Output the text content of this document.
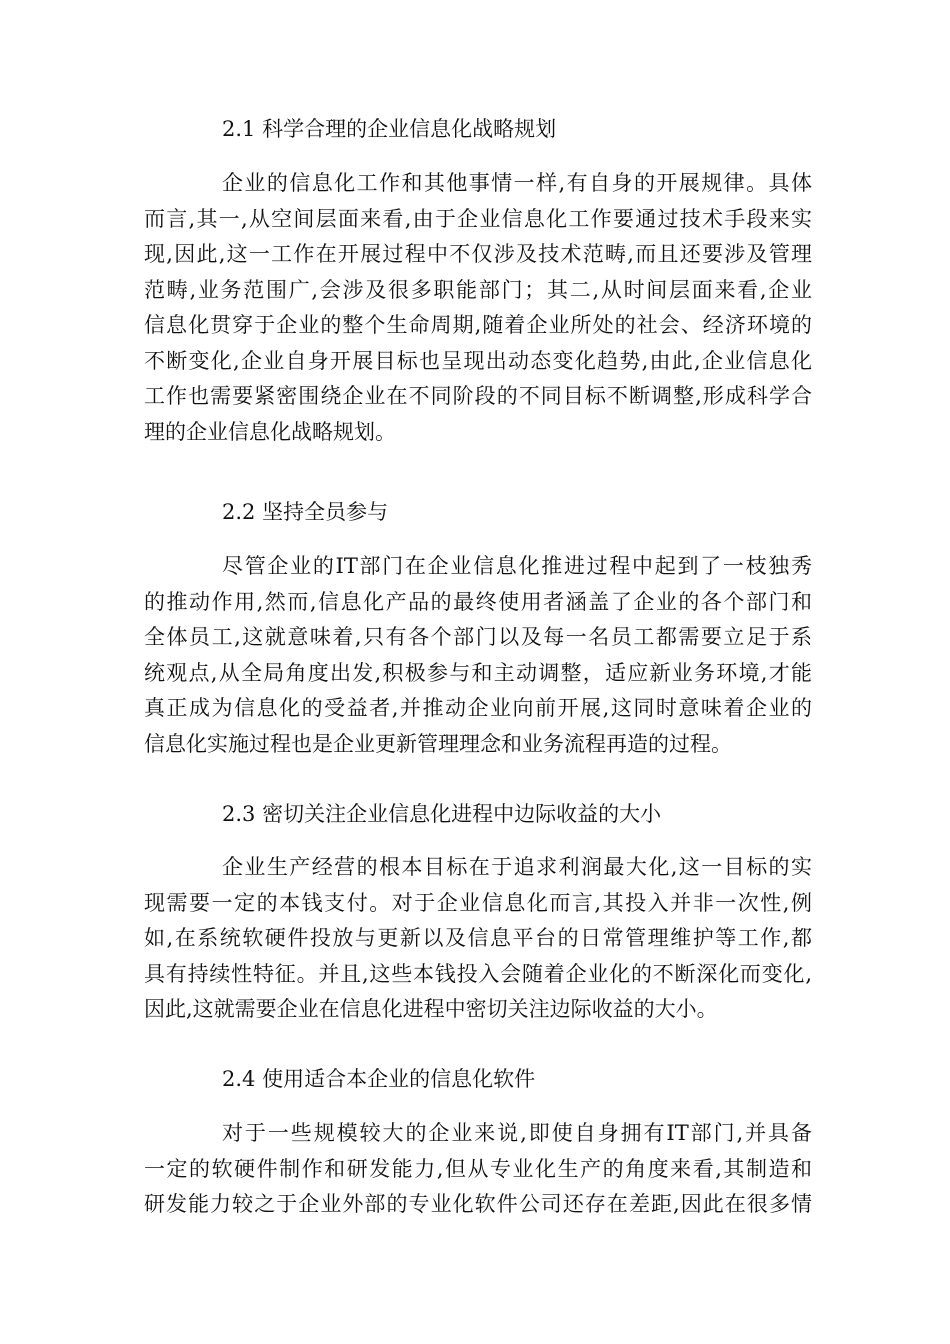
2.1 科学合理的企业信息化战略规划
企业的信息化工作和其他事情一样,有自身的开展规律。具体
而言,其一,从空间层面来看,由于企业信息化工作要通过技术手段来实
现,因此,这一工作在开展过程中不仅涉及技术范畴,而且还要涉及管理
范畴,业务范围广,会涉及很多职能部门；其二,从时间层面来看,企业
信息化贯穿于企业的整个生命周期,随着企业所处的社会、经济环境的
不断变化,企业自身开展目标也呈现出动态变化趋势,由此,企业信息化
工作也需要紧密围绕企业在不同阶段的不同目标不断调整,形成科学合
理的企业信息化战略规划。
2.2 坚持全员参与
尽管企业的IT部门在企业信息化推进过程中起到了一枝独秀
的推动作用,然而,信息化产品的最终使用者涵盖了企业的各个部门和
全体员工,这就意味着,只有各个部门以及每一名员工都需要立足于系
统观点,从全局角度出发,积极参与和主动调整，适应新业务环境,才能
真正成为信息化的受益者,并推动企业向前开展,这同时意味着企业的
信息化实施过程也是企业更新管理理念和业务流程再造的过程。
2.3 密切关注企业信息化进程中边际收益的大小
企业生产经营的根本目标在于追求利润最大化,这一目标的实
现需要一定的本钱支付。对于企业信息化而言,其投入并非一次性,例
如,在系统软硬件投放与更新以及信息平台的日常管理维护等工作,都
具有持续性特征。并且,这些本钱投入会随着企业化的不断深化而变化,
因此,这就需要企业在信息化进程中密切关注边际收益的大小。
2.4 使用适合本企业的信息化软件
对于一些规模较大的企业来说,即使自身拥有IT部门,并具备
一定的软硬件制作和研发能力,但从专业化生产的角度来看,其制造和
研发能力较之于企业外部的专业化软件公司还存在差距,因此在很多情
